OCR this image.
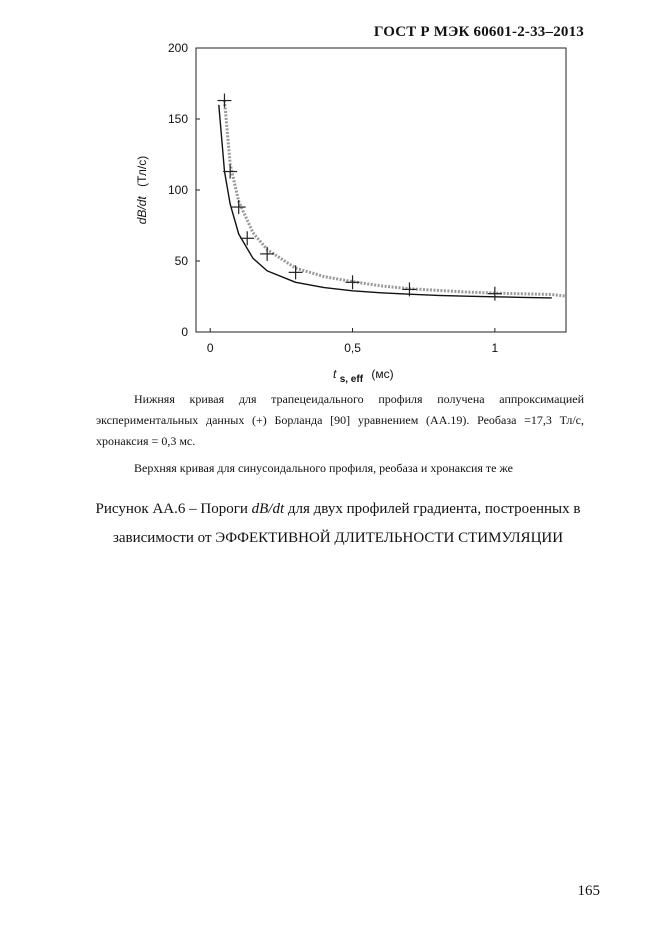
ГОСТ Р МЭК 60601-2-33–2013
0
50
100
150
200
0	0,5	1
dB/dt (Тл/с)
t $_{s, eff}$ (мс)
Нижняя кривая для трапецеидального профиля получена аппроксимацией экспериментальных данных (+) Борланда [90] уравнением (АА.19). Реобаза =17,3 Тл/с, хронаксия = 0,3 мс.
Верхняя кривая для синусоидального профиля, реобаза и хронаксия те же
Рисунок АА.6 – Пороги dB/dt для двух профилей градиента, построенных в зависимости от ЭФФЕКТИВНОЙ ДЛИТЕЛЬНОСТИ СТИМУЛЯЦИИ
165
